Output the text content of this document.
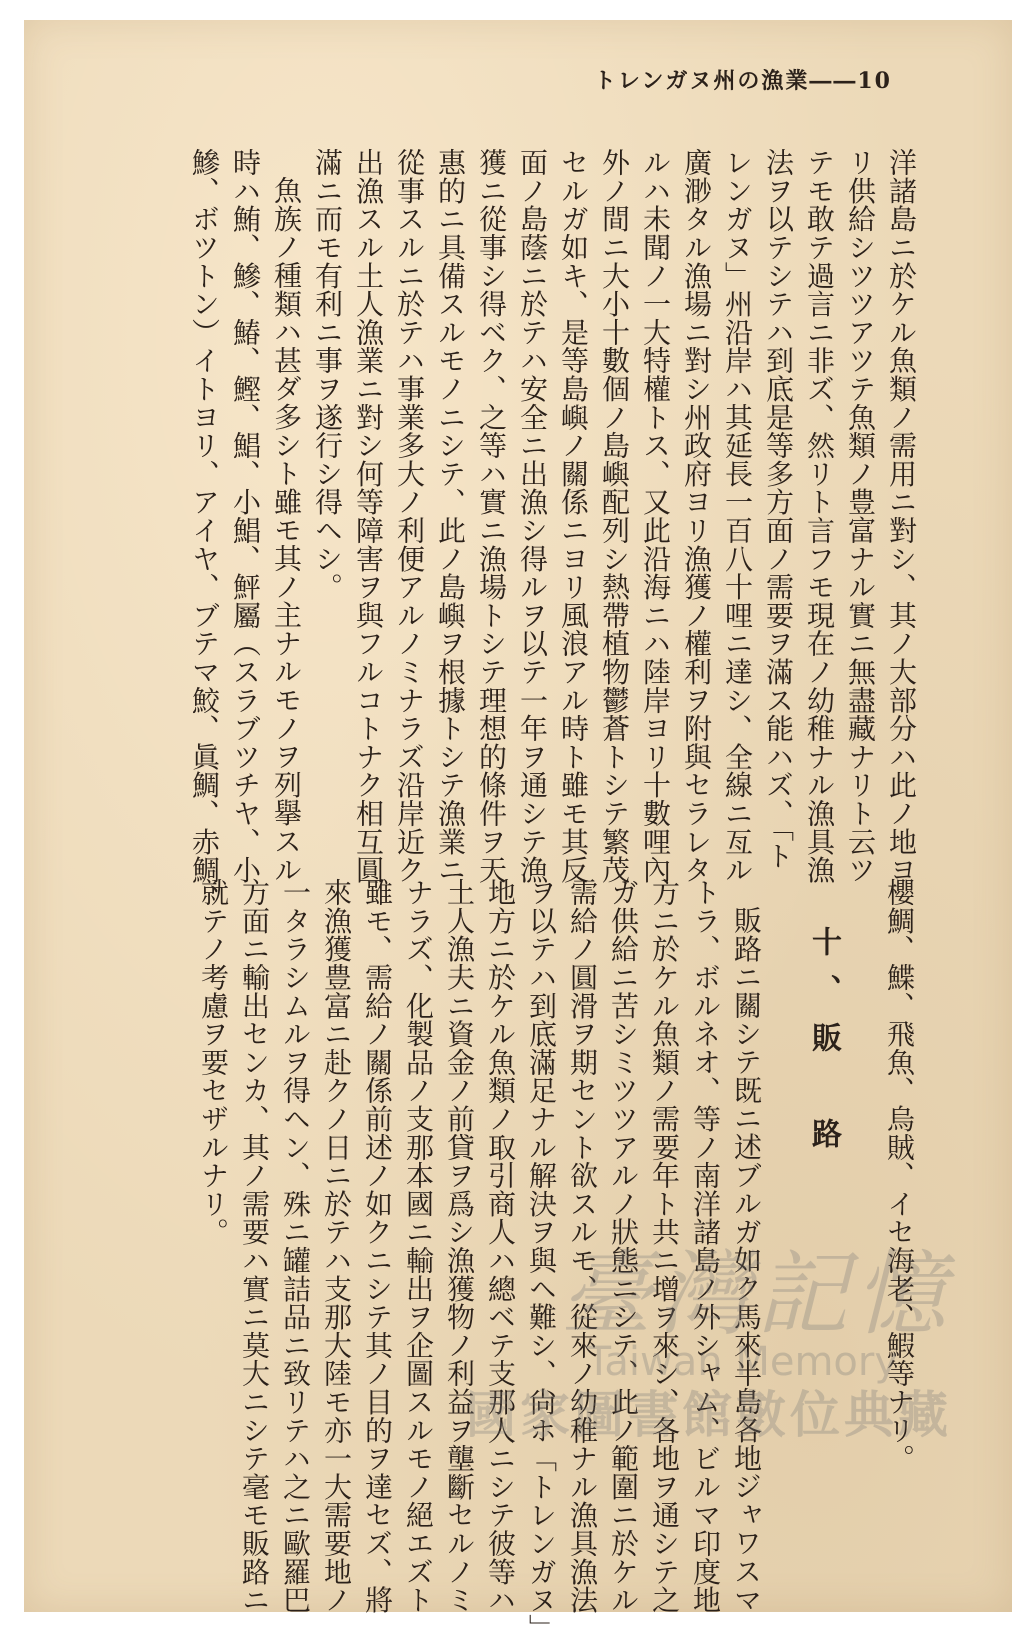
トレンガヌ州の漁業――10

洋諸島ニ於ケル魚類ノ需用ニ對シ、其ノ大部分ハ此ノ地ヨ

リ供給シツツアツテ魚類ノ豊富ナル實ニ無盡藏ナリト云ツ

テモ敢テ過言ニ非ズ、然リト言フモ現在ノ幼稚ナル漁具漁

法ヲ以テシテハ到底是等多方面ノ需要ヲ滿ス能ハズ、「ト

レンガヌ」州沿岸ハ其延長一百八十哩ニ達シ、全線ニ亙ル

廣渺タル漁場ニ對シ州政府ヨリ漁獲ノ權利ヲ附與セラレタ

ルハ未聞ノ一大特權トス、又此沿海ニハ陸岸ヨリ十數哩內

外ノ間ニ大小十數個ノ島嶼配列シ熱帶植物鬱蒼トシテ繁茂

セルガ如キ、是等島嶼ノ關係ニヨリ風浪アル時ト雖モ其反

面ノ島蔭ニ於テハ安全ニ出漁シ得ルヲ以テ一年ヲ通シテ漁

獲ニ從事シ得ベク、之等ハ實ニ漁場トシテ理想的條件ヲ天

惠的ニ具備スルモノニシテ、此ノ島嶼ヲ根據トシテ漁業ニ

從事スルニ於テハ事業多大ノ利便アルノミナラズ沿岸近ク

出漁スル土人漁業ニ對シ何等障害ヲ與フルコトナク相互圓

滿ニ而モ有利ニ事ヲ遂行シ得ヘシ。

魚族ノ種類ハ甚ダ多シト雖モ其ノ主ナルモノヲ列擧スル

時ハ鮪、鰺、鰆、鰹、鯧、小鯧、鮃屬（スラブツチヤ、小

鰺、ボツトン）イトヨリ、アイヤ、ブテマ鮫、眞鯛、赤鯛、

櫻鯛、鰈、飛魚、烏賊、イセ海老、鰕等ナリ。

十、販　路

販路ニ關シテ既ニ述ブルガ如ク馬來半島各地ジャワスマ

トラ、ボルネオ、等ノ南洋諸島ノ外シャム、ビルマ印度地

方ニ於ケル魚類ノ需要年ト共ニ增ヲ來シ、各地ヲ通シテ之

ガ供給ニ苦シミツツアルノ狀態ニシテ、此ノ範圍ニ於ケル

需給ノ圓滑ヲ期セント欲スルモ、從來ノ幼稚ナル漁具漁法

ヲ以テハ到底滿足ナル解決ヲ與ヘ難シ、尙ホ「トレンガヌ」

地方ニ於ケル魚類ノ取引商人ハ總ベテ支那人ニシテ彼等ハ

土人漁夫ニ資金ノ前貸ヲ爲シ漁獲物ノ利益ヲ壟斷セルノミ

ナラズ、化製品ノ支那本國ニ輸出ヲ企圖スルモノ絕エズト

雖モ、需給ノ關係前述ノ如クニシテ其ノ目的ヲ達セズ、將

來漁獲豊富ニ赴クノ日ニ於テハ支那大陸モ亦一大需要地ノ

一タラシムルヲ得ヘン、殊ニ罐詰品ニ致リテハ之ニ歐羅巴

方面ニ輸出センカ、其ノ需要ハ實ニ莫大ニシテ毫モ販路ニ

就テノ考慮ヲ要セザルナリ。

臺灣記憶
Taiwan Memory
國家圖書館數位典藏
